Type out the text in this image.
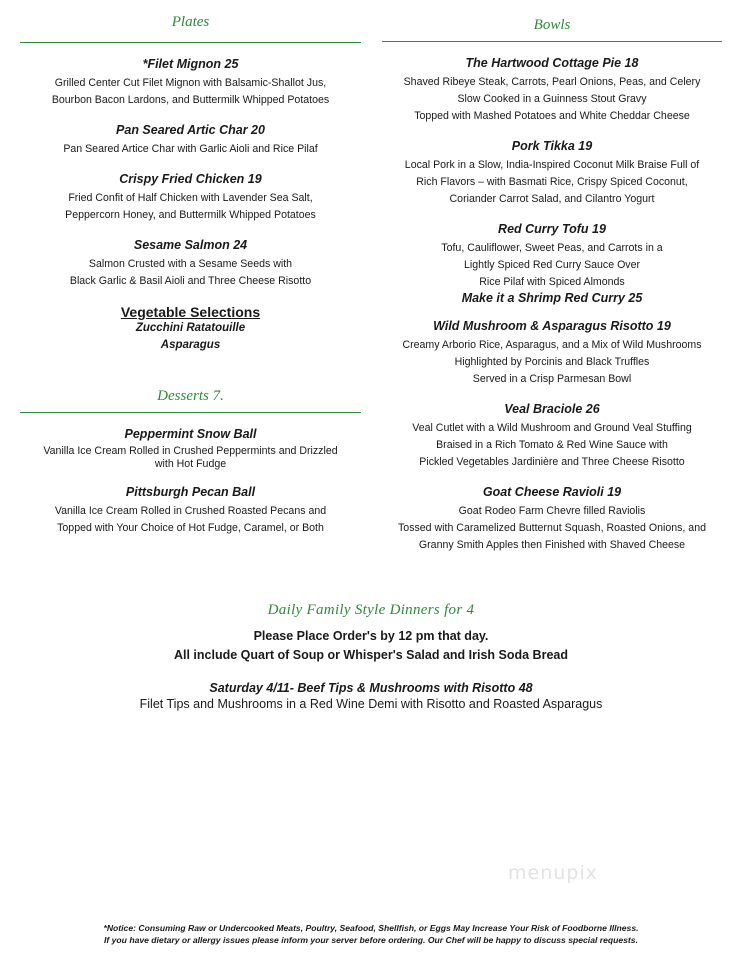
Plates
*Filet Mignon 25
Grilled Center Cut Filet Mignon with Balsamic-Shallot Jus,
Bourbon Bacon Lardons, and Buttermilk Whipped Potatoes
Pan Seared Artic Char 20
Pan Seared Artice Char with Garlic Aioli and Rice Pilaf
Crispy Fried Chicken 19
Fried Confit of Half Chicken with Lavender Sea Salt,
Peppercorn Honey, and Buttermilk Whipped Potatoes
Sesame Salmon 24
Salmon Crusted with a Sesame Seeds with
Black Garlic & Basil Aioli and Three Cheese Risotto
Vegetable Selections
Zucchini Ratatouille
Asparagus
Desserts 7.
Peppermint Snow Ball
Vanilla Ice Cream Rolled in Crushed Peppermints and Drizzled
with Hot Fudge
Pittsburgh Pecan Ball
Vanilla Ice Cream Rolled in Crushed Roasted Pecans and
Topped with Your Choice of Hot Fudge, Caramel, or Both
Bowls
The Hartwood Cottage Pie 18
Shaved Ribeye Steak, Carrots, Pearl Onions, Peas, and Celery
Slow Cooked in a Guinness Stout Gravy
Topped with Mashed Potatoes and White Cheddar Cheese
Pork Tikka 19
Local Pork in a Slow, India-Inspired Coconut Milk Braise Full of
Rich Flavors – with Basmati Rice, Crispy Spiced Coconut,
Coriander Carrot Salad, and Cilantro Yogurt
Red Curry Tofu 19
Tofu, Cauliflower, Sweet Peas, and Carrots in a
Lightly Spiced Red Curry Sauce Over
Rice Pilaf with Spiced Almonds
Make it a Shrimp Red Curry 25
Wild Mushroom & Asparagus Risotto 19
Creamy Arborio Rice, Asparagus, and a Mix of Wild Mushrooms
Highlighted by Porcinis and Black Truffles
Served in a Crisp Parmesan Bowl
Veal Braciole 26
Veal Cutlet with a Wild Mushroom and Ground Veal Stuffing
Braised in a Rich Tomato & Red Wine Sauce with
Pickled Vegetables Jardinière and Three Cheese Risotto
Goat Cheese Ravioli 19
Goat Rodeo Farm Chevre filled Raviolis
Tossed with Caramelized Butternut Squash, Roasted Onions, and
Granny Smith Apples then Finished with Shaved Cheese
Daily Family Style Dinners for 4
Please Place Order's by 12 pm that day.
All include Quart of Soup or Whisper's Salad and Irish Soda Bread
Saturday 4/11- Beef Tips & Mushrooms with Risotto 48
Filet Tips and Mushrooms in a Red Wine Demi with Risotto and Roasted Asparagus
menupix
*Notice: Consuming Raw or Undercooked Meats, Poultry, Seafood, Shellfish, or Eggs May Increase Your Risk of Foodborne Illness.
If you have dietary or allergy issues please inform your server before ordering. Our Chef will be happy to discuss special requests.
